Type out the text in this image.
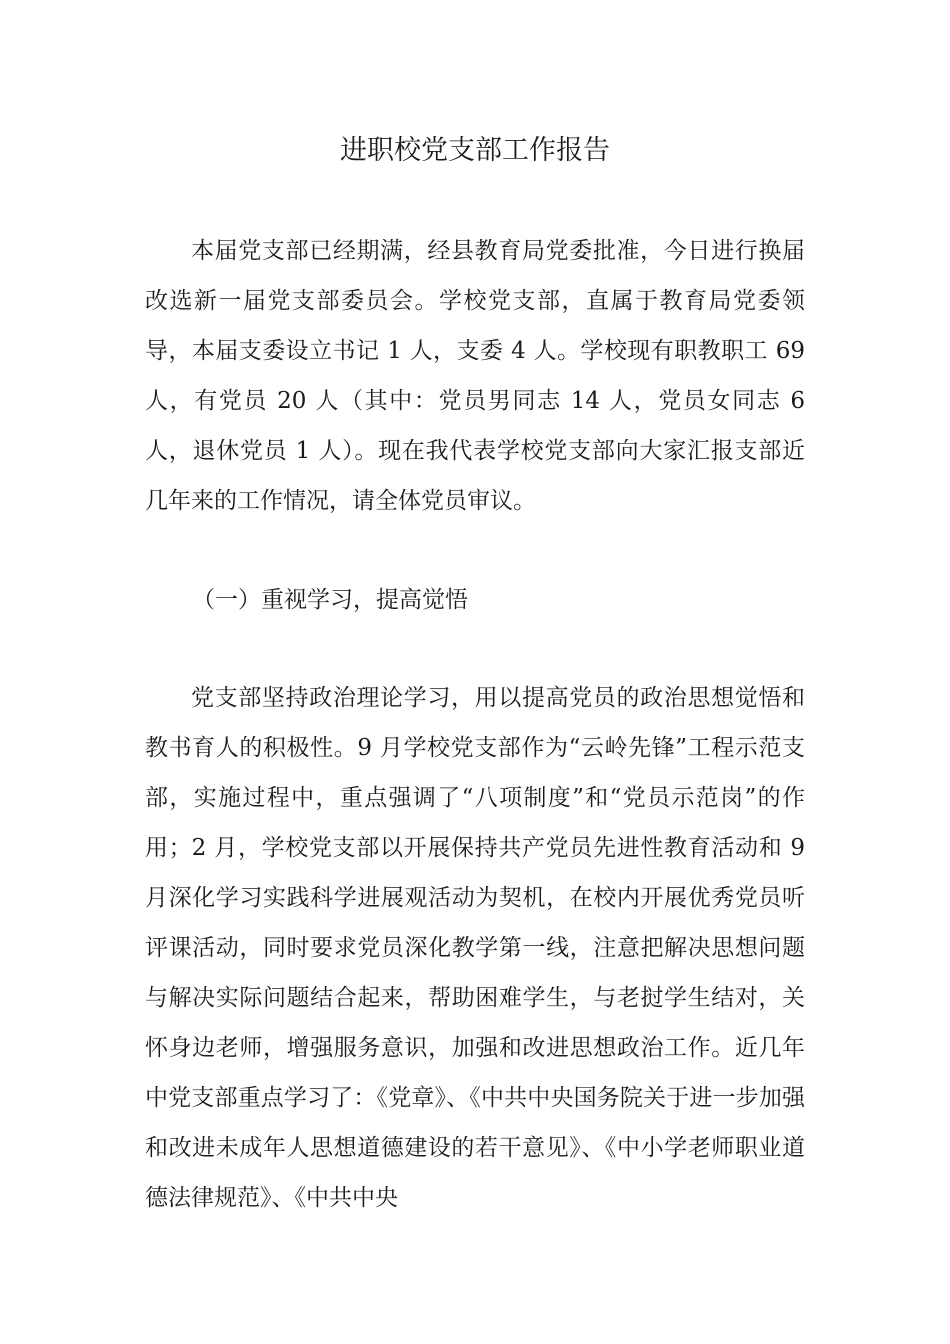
进职校党支部工作报告

本届党支部已经期满，经县教育局党委批准，今日进行换届改选新一届党支部委员会。学校党支部，直属于教育局党委领导，本届支委设立书记 1 人，支委 4 人。学校现有职教职工 69 人，有党员 20 人（其中：党员男同志 14 人，党员女同志 6 人，退休党员 1 人）。现在我代表学校党支部向大家汇报支部近几年来的工作情况，请全体党员审议。

（一）重视学习，提高觉悟

党支部坚持政治理论学习，用以提高党员的政治思想觉悟和教书育人的积极性。9 月学校党支部作为“云岭先锋”工程示范支部，实施过程中，重点强调了“八项制度”和“党员示范岗”的作用；2 月，学校党支部以开展保持共产党员先进性教育活动和 9 月深化学习实践科学进展观活动为契机，在校内开展优秀党员听评课活动，同时要求党员深化教学第一线，注意把解决思想问题与解决实际问题结合起来，帮助困难学生，与老挝学生结对，关怀身边老师，增强服务意识，加强和改进思想政治工作。近几年中党支部重点学习了：《党章》、《中共中央国务院关于进一步加强和改进未成年人思想道德建设的若干意见》、《中小学老师职业道德法律规范》、《中共中央
